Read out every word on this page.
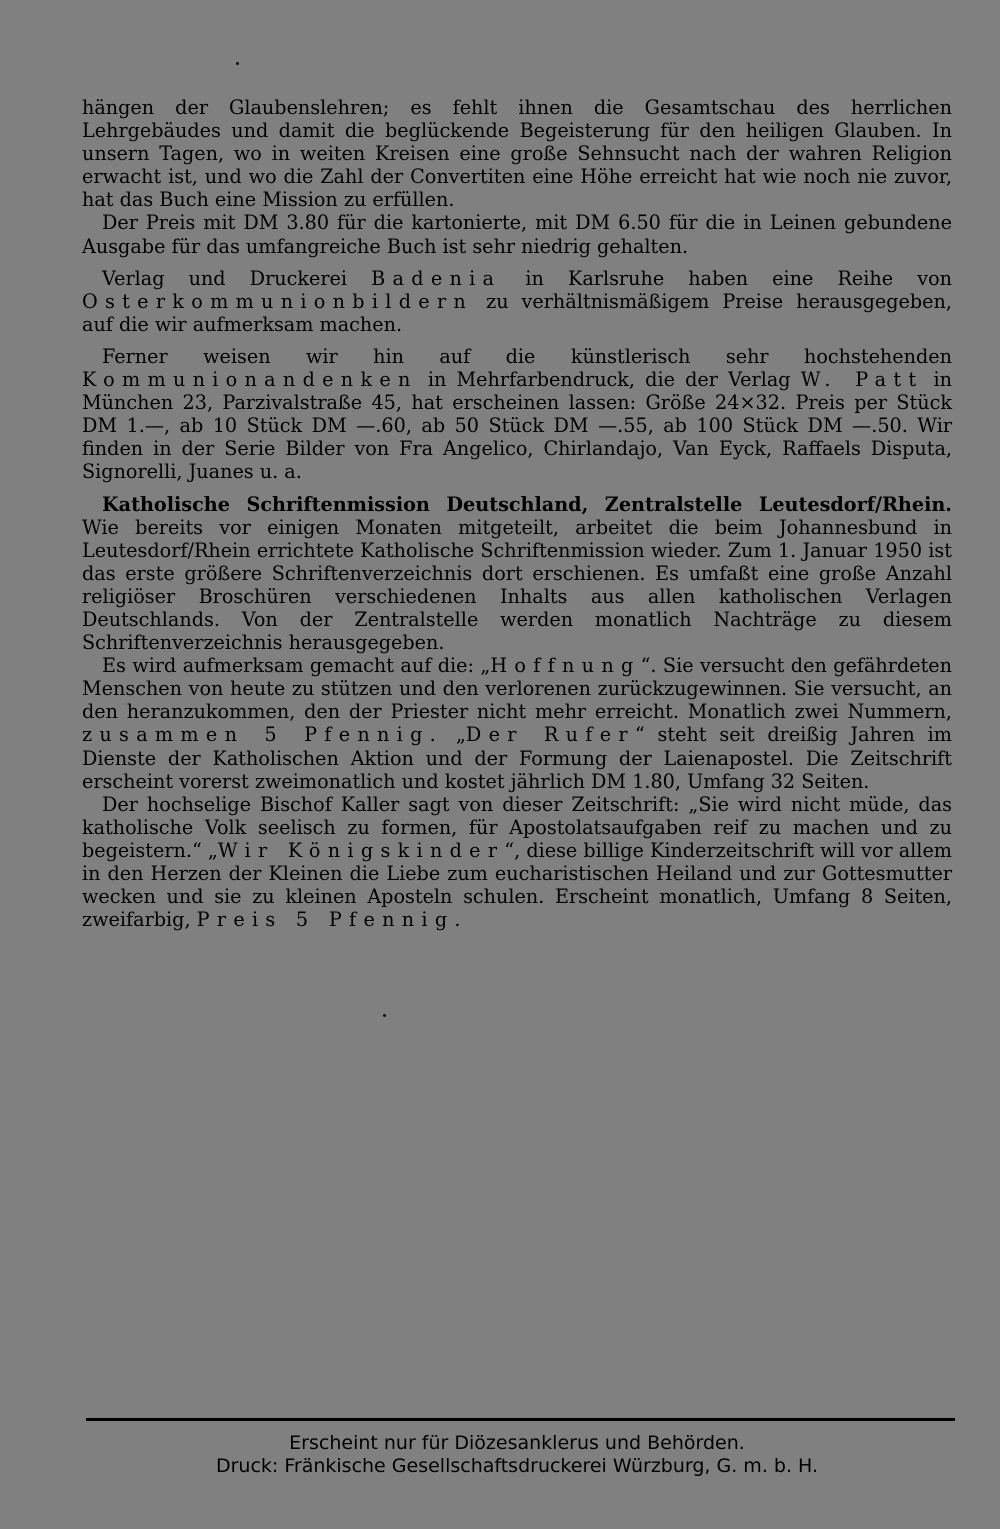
hängen der Glaubenslehren; es fehlt ihnen die Gesamtschau des herrlichen Lehrgebäudes und damit die beglückende Begeisterung für den heiligen Glauben. In unsern Tagen, wo in weiten Kreisen eine große Sehnsucht nach der wahren Religion erwacht ist, und wo die Zahl der Convertiten eine Höhe erreicht hat wie noch nie zuvor, hat das Buch eine Mission zu erfüllen.

Der Preis mit DM 3.80 für die kartonierte, mit DM 6.50 für die in Leinen gebundene Ausgabe für das umfangreiche Buch ist sehr niedrig gehalten.

Verlag und Druckerei Badenia in Karlsruhe haben eine Reihe von Osterkommunionbildern zu verhältnismäßigem Preise herausgegeben, auf die wir aufmerksam machen.

Ferner weisen wir hin auf die künstlerisch sehr hochstehenden Kommunionandenken in Mehrfarbendruck, die der Verlag W. Patt in München 23, Parzivalstraße 45, hat erscheinen lassen: Größe 24×32. Preis per Stück DM 1.—, ab 10 Stück DM —.60, ab 50 Stück DM —.55, ab 100 Stück DM —.50. Wir finden in der Serie Bilder von Fra Angelico, Chirlandajo, Van Eyck, Raffaels Disputa, Signorelli, Juanes u. a.

Katholische Schriftenmission Deutschland, Zentralstelle Leutesdorf/Rhein. Wie bereits vor einigen Monaten mitgeteilt, arbeitet die beim Johannesbund in Leutesdorf/Rhein errichtete Katholische Schriftenmission wieder. Zum 1. Januar 1950 ist das erste größere Schriftenverzeichnis dort erschienen. Es umfaßt eine große Anzahl religiöser Broschüren verschiedenen Inhalts aus allen katholischen Verlagen Deutschlands. Von der Zentralstelle werden monatlich Nachträge zu diesem Schriftenverzeichnis herausgegeben.

Es wird aufmerksam gemacht auf die: „Hoffnung“. Sie versucht den gefährdeten Menschen von heute zu stützen und den verlorenen zurückzugewinnen. Sie versucht, an den heranzukommen, den der Priester nicht mehr erreicht. Monatlich zwei Nummern, zusammen 5 Pfennig. „Der Rufer“ steht seit dreißig Jahren im Dienste der Katholischen Aktion und der Formung der Laienapostel. Die Zeitschrift erscheint vorerst zweimonatlich und kostet jährlich DM 1.80, Umfang 32 Seiten.

Der hochselige Bischof Kaller sagt von dieser Zeitschrift: „Sie wird nicht müde, das katholische Volk seelisch zu formen, für Apostolatsaufgaben reif zu machen und zu begeistern.“ „Wir Königskinder“, diese billige Kinderzeitschrift will vor allem in den Herzen der Kleinen die Liebe zum eucharistischen Heiland und zur Gottesmutter wecken und sie zu kleinen Aposteln schulen. Erscheint monatlich, Umfang 8 Seiten, zweifarbig, Preis 5 Pfennig.

Erscheint nur für Diözesanklerus und Behörden.
Druck: Fränkische Gesellschaftsdruckerei Würzburg, G. m. b. H.
